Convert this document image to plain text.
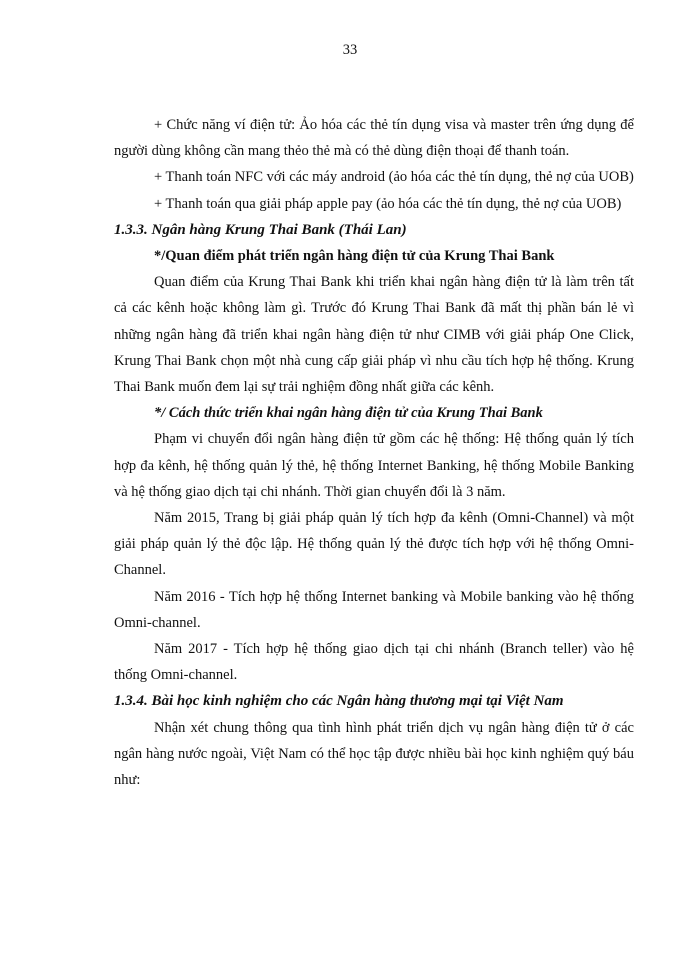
33

+ Chức năng ví điện tử: Ảo hóa các thẻ tín dụng visa và master trên ứng dụng để người dùng không cần mang thẻo thẻ mà có thẻ dùng điện thoại để thanh toán.

+ Thanh toán NFC với các máy android (ảo hóa các thẻ tín dụng, thẻ nợ của UOB)

+ Thanh toán qua giải pháp apple pay (ảo hóa các thẻ tín dụng, thẻ nợ của UOB)

1.3.3. Ngân hàng Krung Thai Bank (Thái Lan)

*/Quan điểm phát triển ngân hàng điện tử của Krung Thai Bank

Quan điểm của Krung Thai Bank khi triển khai ngân hàng điện tử là làm trên tất cả các kênh hoặc không làm gì. Trước đó Krung Thai Bank đã mất thị phần bán lẻ vì những ngân hàng đã triển khai ngân hàng điện tử như CIMB với giải pháp One Click, Krung Thai Bank chọn một nhà cung cấp giải pháp vì nhu cầu tích hợp hệ thống. Krung Thai Bank muốn đem lại sự trải nghiệm đồng nhất giữa các kênh.

*/ Cách thức triển khai ngân hàng điện tử của Krung Thai Bank

Phạm vi chuyển đổi ngân hàng điện tử gồm các hệ thống: Hệ thống quản lý tích hợp đa kênh, hệ thống quản lý thẻ, hệ thống Internet Banking, hệ thống Mobile Banking và hệ thống giao dịch tại chi nhánh. Thời gian chuyển đổi là 3 năm.

Năm 2015, Trang bị giải pháp quản lý tích hợp đa kênh (Omni-Channel) và một giải pháp quản lý thẻ độc lập. Hệ thống quản lý thẻ được tích hợp với hệ thống Omni-Channel.

Năm 2016 - Tích hợp hệ thống Internet banking và Mobile banking vào hệ thống Omni-channel.

Năm 2017 - Tích hợp hệ thống giao dịch tại chi nhánh (Branch teller) vào hệ thống Omni-channel.

1.3.4. Bài học kinh nghiệm cho các Ngân hàng thương mại tại Việt Nam

Nhận xét chung thông qua tình hình phát triển dịch vụ ngân hàng điện tử ở các ngân hàng nước ngoài, Việt Nam có thể học tập được nhiều bài học kinh nghiệm quý báu như:
